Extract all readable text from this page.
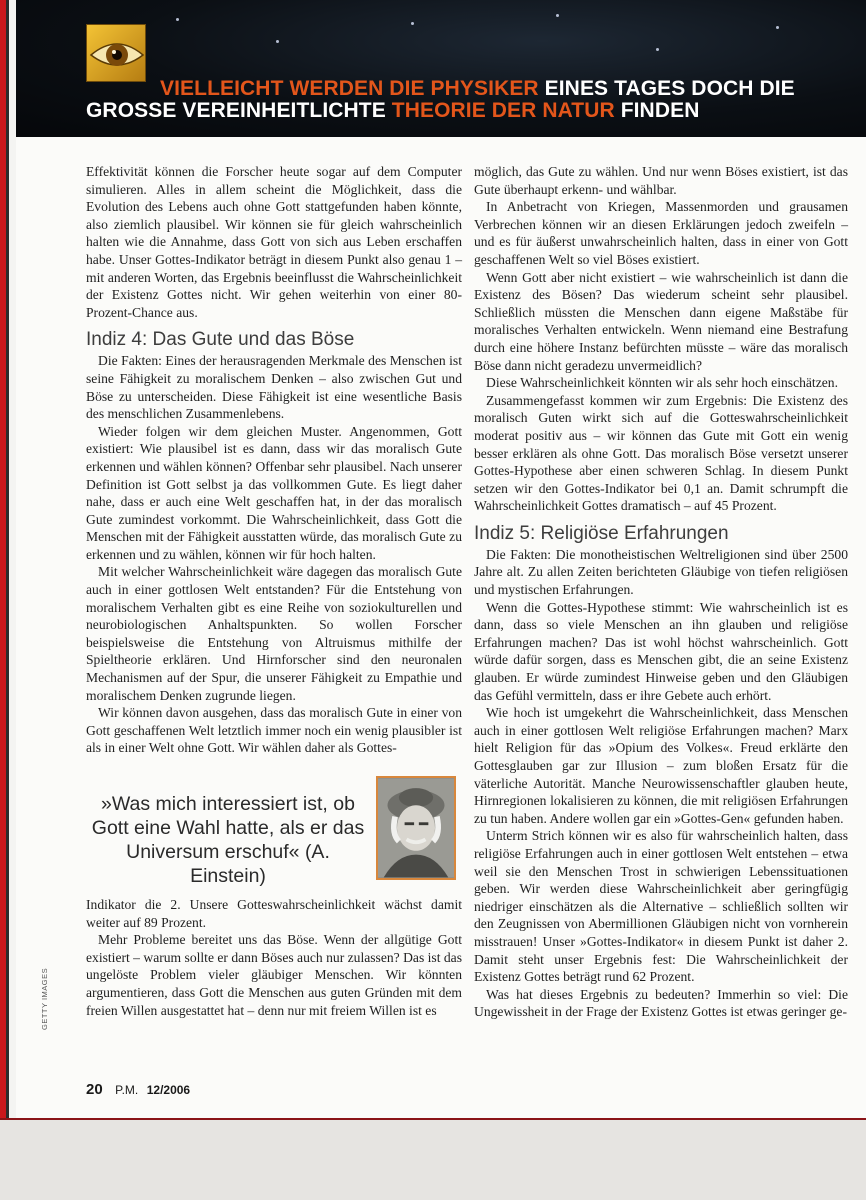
VIELLEICHT WERDEN DIE PHYSIKER EINES TAGES DOCH DIE
GROSSE VEREINHEITLICHTE THEORIE DER NATUR FINDEN

Effektivität können die Forscher heute sogar auf dem Computer simulieren. Alles in allem scheint die Möglichkeit, dass die Evolution des Lebens auch ohne Gott stattgefunden haben könnte, also ziemlich plausibel. Wir können sie für gleich wahrscheinlich halten wie die Annahme, dass Gott von sich aus Leben erschaffen habe. Unser Gottes-Indikator beträgt in diesem Punkt also genau 1 – mit anderen Worten, das Ergebnis beeinflusst die Wahrscheinlichkeit der Existenz Gottes nicht. Wir gehen weiterhin von einer 80-Prozent-Chance aus.

Indiz 4: Das Gute und das Böse

Die Fakten: Eines der herausragenden Merkmale des Menschen ist seine Fähigkeit zu moralischem Denken – also zwischen Gut und Böse zu unterscheiden. Diese Fähigkeit ist eine wesentliche Basis des menschlichen Zusammenlebens.

Wieder folgen wir dem gleichen Muster. Angenommen, Gott existiert: Wie plausibel ist es dann, dass wir das moralisch Gute erkennen und wählen können? Offenbar sehr plausibel. Nach unserer Definition ist Gott selbst ja das vollkommen Gute. Es liegt daher nahe, dass er auch eine Welt geschaffen hat, in der das moralisch Gute zumindest vorkommt. Die Wahrscheinlichkeit, dass Gott die Menschen mit der Fähigkeit ausstatten würde, das moralisch Gute zu erkennen und zu wählen, können wir für hoch halten.

Mit welcher Wahrscheinlichkeit wäre dagegen das moralisch Gute auch in einer gottlosen Welt entstanden? Für die Entstehung von moralischem Verhalten gibt es eine Reihe von soziokulturellen und neurobiologischen Anhaltspunkten. So wollen Forscher beispielsweise die Entstehung von Altruismus mithilfe der Spieltheorie erklären. Und Hirnforscher sind den neuronalen Mechanismen auf der Spur, die unserer Fähigkeit zu Empathie und moralischem Denken zugrunde liegen.

Wir können davon ausgehen, dass das moralisch Gute in einer von Gott geschaffenen Welt letztlich immer noch ein wenig plausibler ist als in einer Welt ohne Gott. Wir wählen daher als Gottes-

»Was mich interessiert ist, ob Gott eine Wahl hatte, als er das Universum erschuf« (A. Einstein)

Indikator die 2. Unsere Gotteswahrscheinlichkeit wächst damit weiter auf 89 Prozent.

Mehr Probleme bereitet uns das Böse. Wenn der allgütige Gott existiert – warum sollte er dann Böses auch nur zulassen? Das ist das ungelöste Problem vieler gläubiger Menschen. Wir könnten argumentieren, dass Gott die Menschen aus guten Gründen mit dem freien Willen ausgestattet hat – denn nur mit freiem Willen ist es

GETTY IMAGES

möglich, das Gute zu wählen. Und nur wenn Böses existiert, ist das Gute überhaupt erkenn- und wählbar.

In Anbetracht von Kriegen, Massenmorden und grausamen Verbrechen können wir an diesen Erklärungen jedoch zweifeln – und es für äußerst unwahrscheinlich halten, dass in einer von Gott geschaffenen Welt so viel Böses existiert.

Wenn Gott aber nicht existiert – wie wahrscheinlich ist dann die Existenz des Bösen? Das wiederum scheint sehr plausibel. Schließlich müssten die Menschen dann eigene Maßstäbe für moralisches Verhalten entwickeln. Wenn niemand eine Bestrafung durch eine höhere Instanz befürchten müsste – wäre das moralisch Böse dann nicht geradezu unvermeidlich?

Diese Wahrscheinlichkeit könnten wir als sehr hoch einschätzen.

Zusammengefasst kommen wir zum Ergebnis: Die Existenz des moralisch Guten wirkt sich auf die Gotteswahrscheinlichkeit moderat positiv aus – wir können das Gute mit Gott ein wenig besser erklären als ohne Gott. Das moralisch Böse versetzt unserer Gottes-Hypothese aber einen schweren Schlag. In diesem Punkt setzen wir den Gottes-Indikator bei 0,1 an. Damit schrumpft die Wahrscheinlichkeit Gottes dramatisch – auf 45 Prozent.

Indiz 5: Religiöse Erfahrungen

Die Fakten: Die monotheistischen Weltreligionen sind über 2500 Jahre alt. Zu allen Zeiten berichteten Gläubige von tiefen religiösen und mystischen Erfahrungen.

Wenn die Gottes-Hypothese stimmt: Wie wahrscheinlich ist es dann, dass so viele Menschen an ihn glauben und religiöse Erfahrungen machen? Das ist wohl höchst wahrscheinlich. Gott würde dafür sorgen, dass es Menschen gibt, die an seine Existenz glauben. Er würde zumindest Hinweise geben und den Gläubigen das Gefühl vermitteln, dass er ihre Gebete auch erhört.

Wie hoch ist umgekehrt die Wahrscheinlichkeit, dass Menschen auch in einer gottlosen Welt religiöse Erfahrungen machen? Marx hielt Religion für das »Opium des Volkes«. Freud erklärte den Gottesglauben gar zur Illusion – zum bloßen Ersatz für die väterliche Autorität. Manche Neurowissenschaftler glauben heute, Hirnregionen lokalisieren zu können, die mit religiösen Erfahrungen zu tun haben. Andere wollen gar ein »Gottes-Gen« gefunden haben.

Unterm Strich können wir es also für wahrscheinlich halten, dass religiöse Erfahrungen auch in einer gottlosen Welt entstehen – etwa weil sie den Menschen Trost in schwierigen Lebenssituationen geben. Wir werden diese Wahrscheinlichkeit aber geringfügig niedriger einschätzen als die Alternative – schließlich sollten wir den Zeugnissen von Abermillionen Gläubigen nicht von vornherein misstrauen! Unser »Gottes-Indikator« in diesem Punkt ist daher 2. Damit steht unser Ergebnis fest: Die Wahrscheinlichkeit der Existenz Gottes beträgt rund 62 Prozent.

Was hat dieses Ergebnis zu bedeuten? Immerhin so viel: Die Ungewissheit in der Frage der Existenz Gottes ist etwas geringer ge-

20 P.M. 12/2006
